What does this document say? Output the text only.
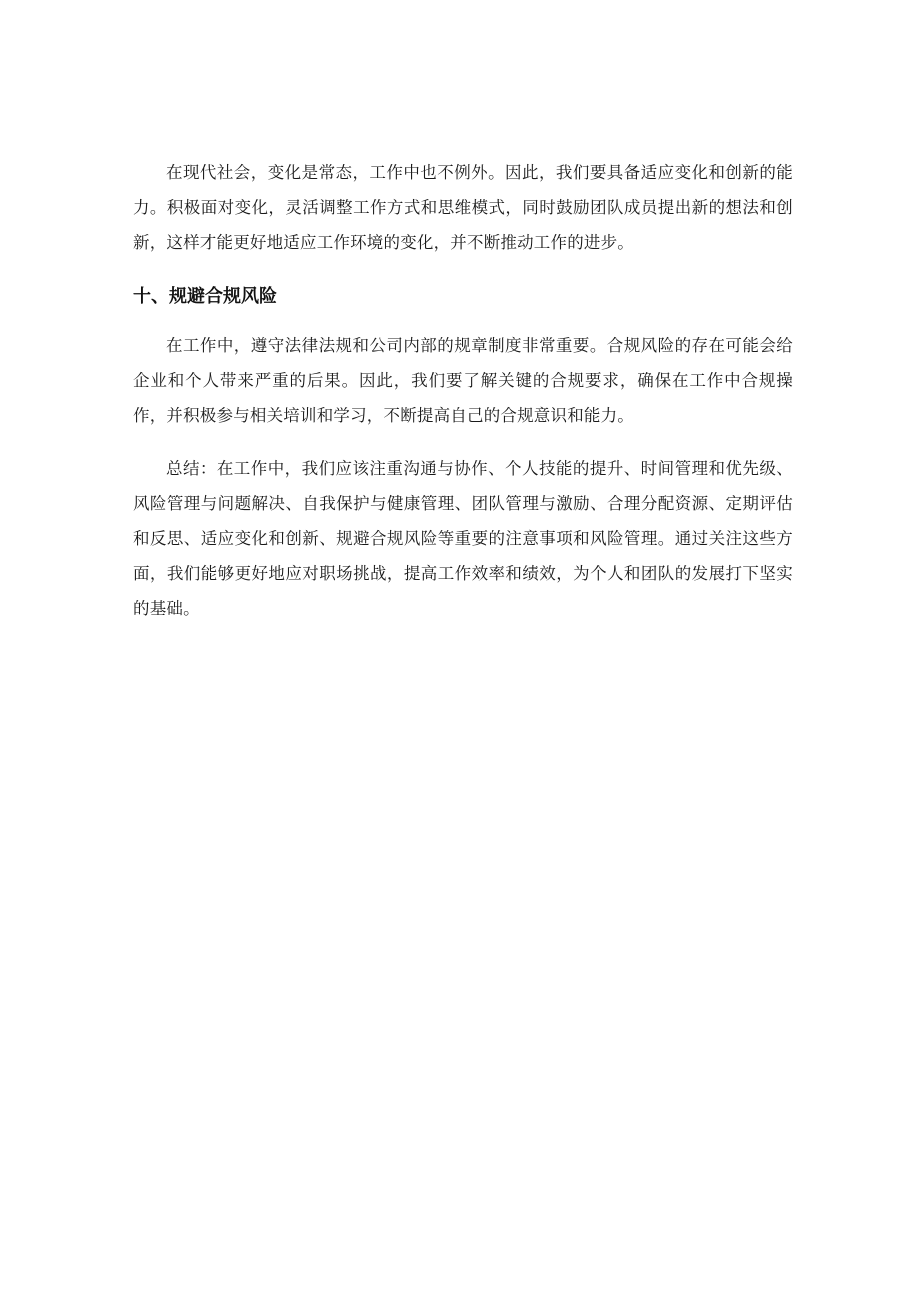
在现代社会，变化是常态，工作中也不例外。因此，我们要具备适应变化和创新的能力。积极面对变化，灵活调整工作方式和思维模式，同时鼓励团队成员提出新的想法和创新，这样才能更好地适应工作环境的变化，并不断推动工作的进步。

十、规避合规风险

在工作中，遵守法律法规和公司内部的规章制度非常重要。合规风险的存在可能会给企业和个人带来严重的后果。因此，我们要了解关键的合规要求，确保在工作中合规操作，并积极参与相关培训和学习，不断提高自己的合规意识和能力。

总结：在工作中，我们应该注重沟通与协作、个人技能的提升、时间管理和优先级、风险管理与问题解决、自我保护与健康管理、团队管理与激励、合理分配资源、定期评估和反思、适应变化和创新、规避合规风险等重要的注意事项和风险管理。通过关注这些方面，我们能够更好地应对职场挑战，提高工作效率和绩效，为个人和团队的发展打下坚实的基础。
